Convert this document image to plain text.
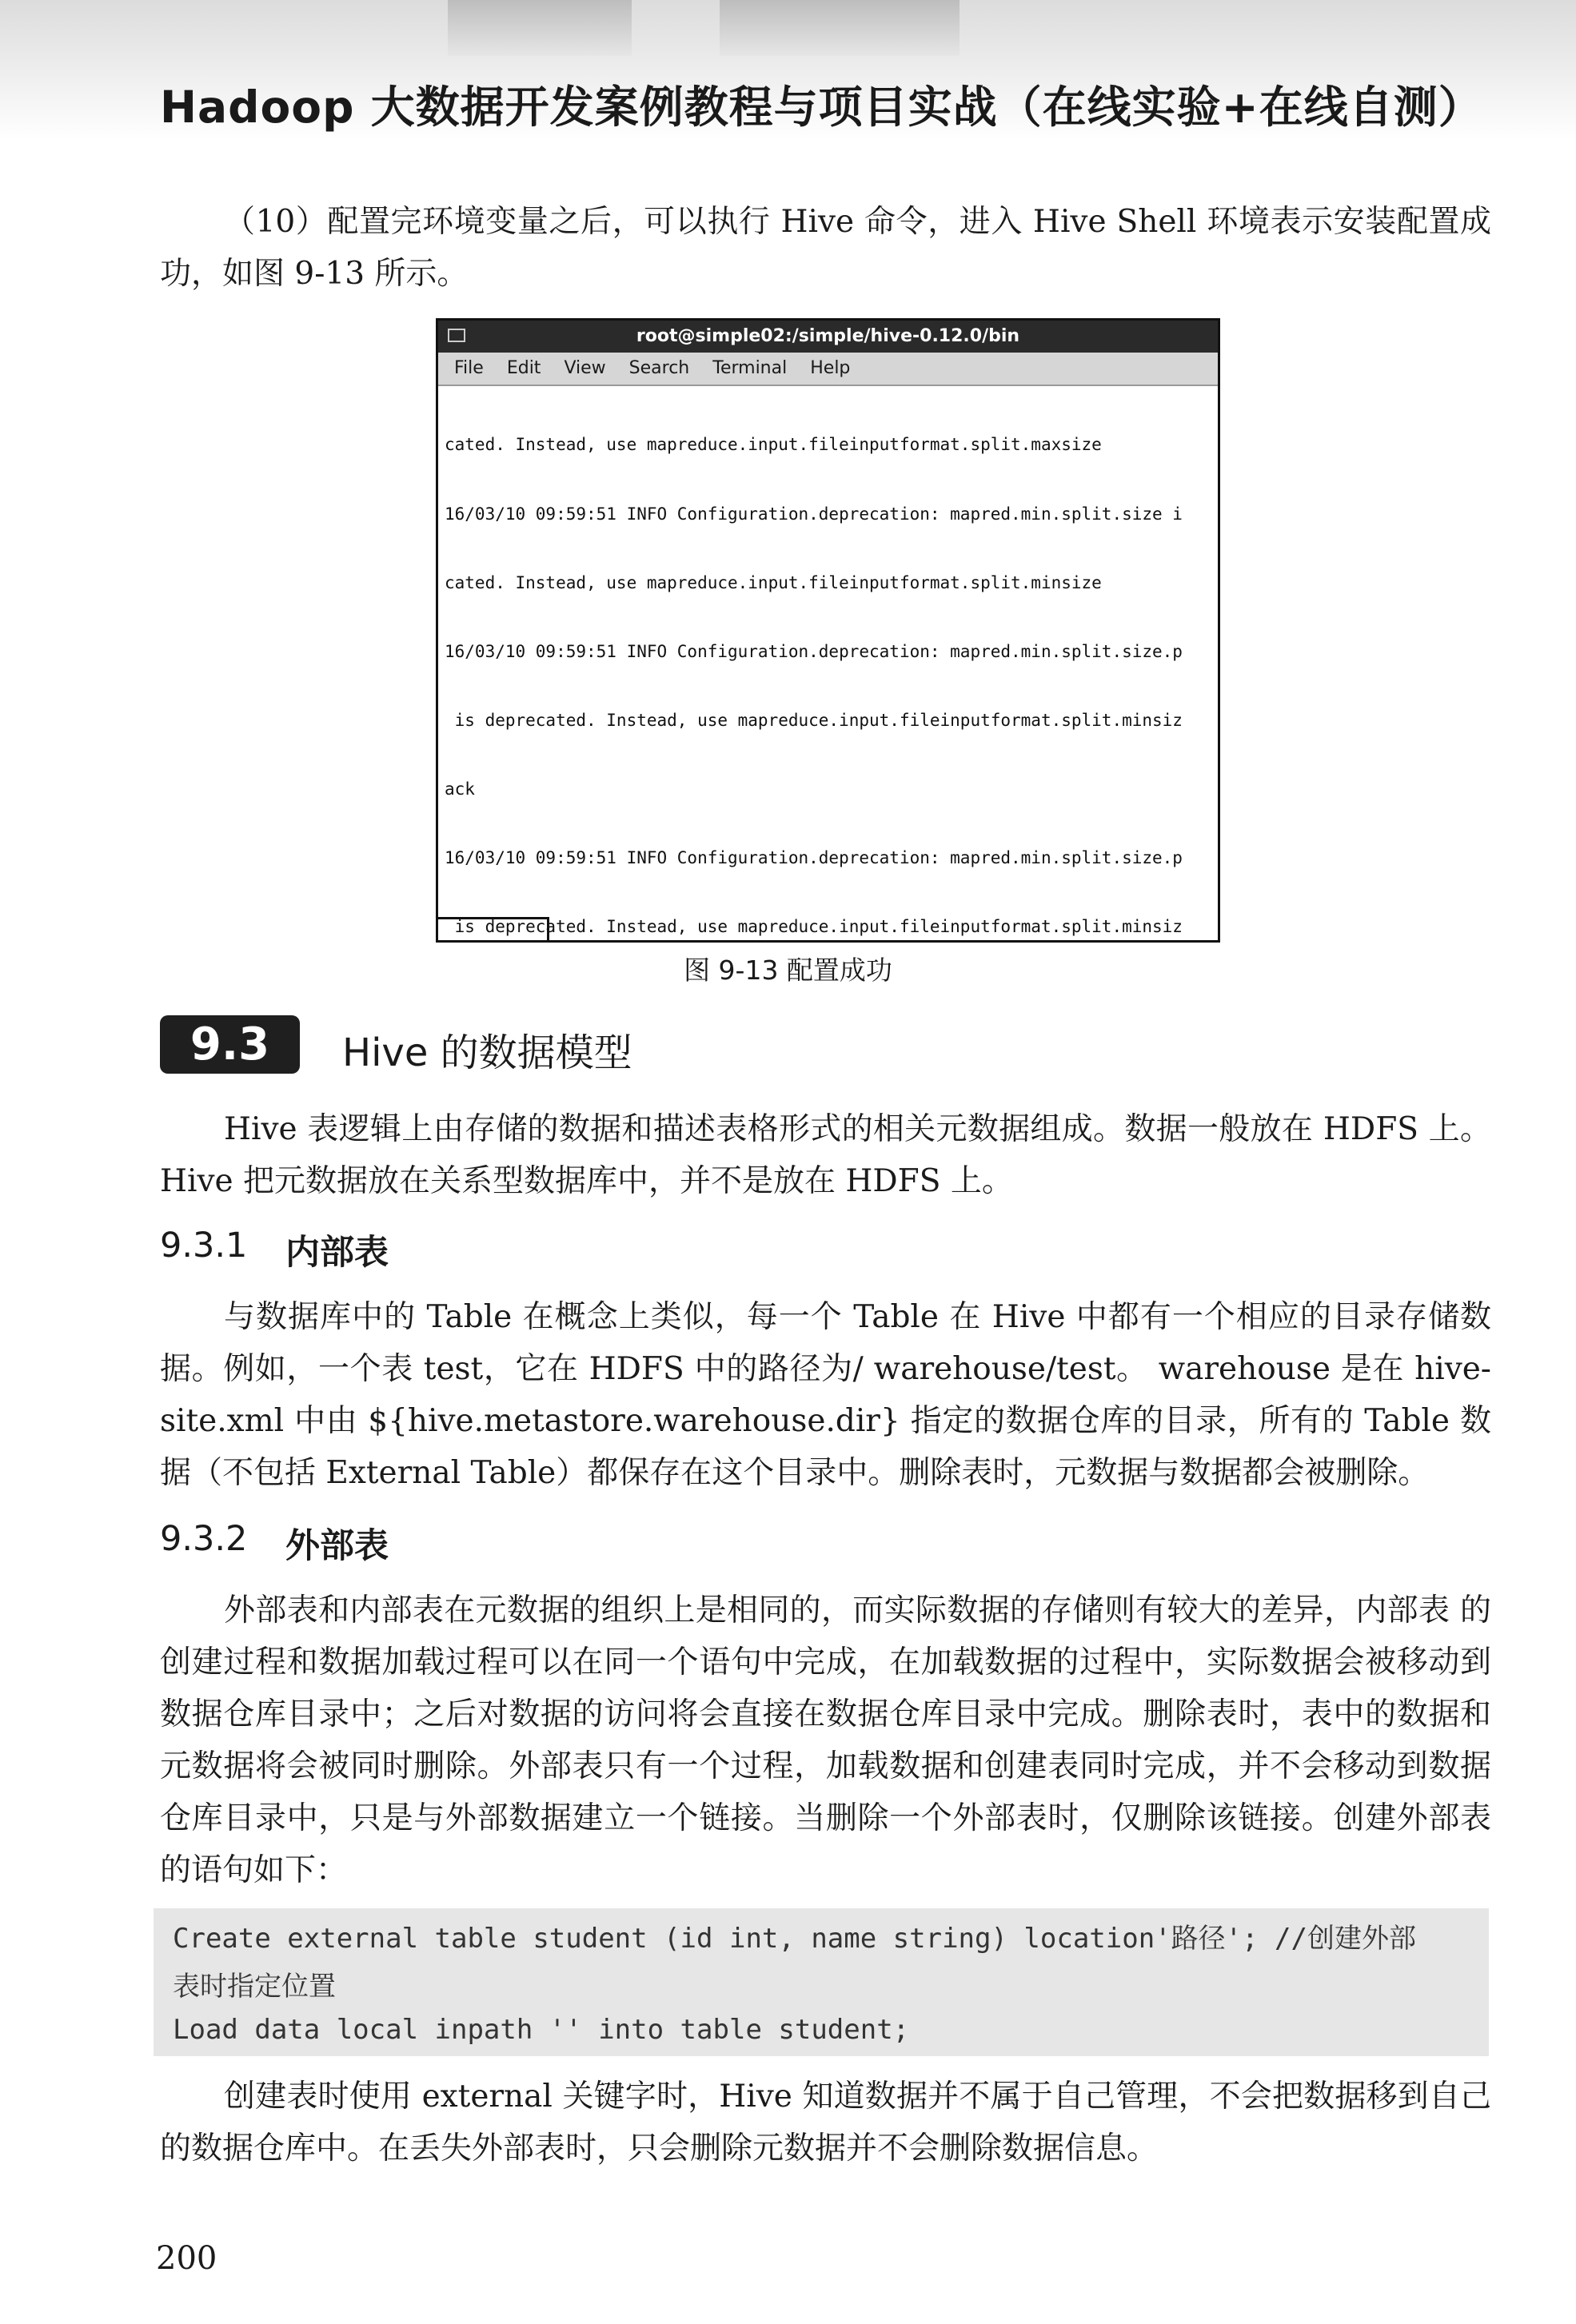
Hadoop 大数据开发案例教程与项目实战（在线实验+在线自测）
（10）配置完环境变量之后，可以执行 Hive 命令，进入 Hive Shell 环境表示安装配置成功，如图 9-13 所示。
root@simple02:/simple/hive-0.12.0/bin
File Edit View Search Terminal Help

cated. Instead, use mapreduce.input.fileinputformat.split.maxsize

16/03/10 09:59:51 INFO Configuration.deprecation: mapred.min.split.size i

cated. Instead, use mapreduce.input.fileinputformat.split.minsize

16/03/10 09:59:51 INFO Configuration.deprecation: mapred.min.split.size.p

is deprecated. Instead, use mapreduce.input.fileinputformat.split.minsiz

ack

16/03/10 09:59:51 INFO Configuration.deprecation: mapred.min.split.size.p

is deprecated. Instead, use mapreduce.input.fileinputformat.split.minsiz

图 9-13 配置成功
9.3	Hive 的数据模型
Hive 表逻辑上由存储的数据和描述表格形式的相关元数据组成。数据一般放在 HDFS 上。Hive 把元数据放在关系型数据库中，并不是放在 HDFS 上。
9.3.1 内部表
与数据库中的 Table 在概念上类似，每一个 Table 在 Hive 中都有一个相应的目录存储数据。例如，一个表 test，它在 HDFS 中的路径为/ warehouse/test。 warehouse 是在 hive-site.xml 中由 ${hive.metastore.warehouse.dir} 指定的数据仓库的目录，所有的 Table 数据（不包括 External Table）都保存在这个目录中。删除表时，元数据与数据都会被删除。
9.3.2 外部表
外部表和内部表在元数据的组织上是相同的，而实际数据的存储则有较大的差异，内部表 的创建过程和数据加载过程可以在同一个语句中完成，在加载数据的过程中，实际数据会被移动到数据仓库目录中；之后对数据的访问将会直接在数据仓库目录中完成。删除表时，表中的数据和元数据将会被同时删除。外部表只有一个过程，加载数据和创建表同时完成，并不会移动到数据仓库目录中，只是与外部数据建立一个链接。当删除一个外部表时，仅删除该链接。创建外部表的语句如下：
Create external table student (id int, name string) location'路径'; //创建外部
表时指定位置
Load data local inpath '' into table student;
创建表时使用 external 关键字时，Hive 知道数据并不属于自己管理，不会把数据移到自己的数据仓库中。在丢失外部表时，只会删除元数据并不会删除数据信息。
200
